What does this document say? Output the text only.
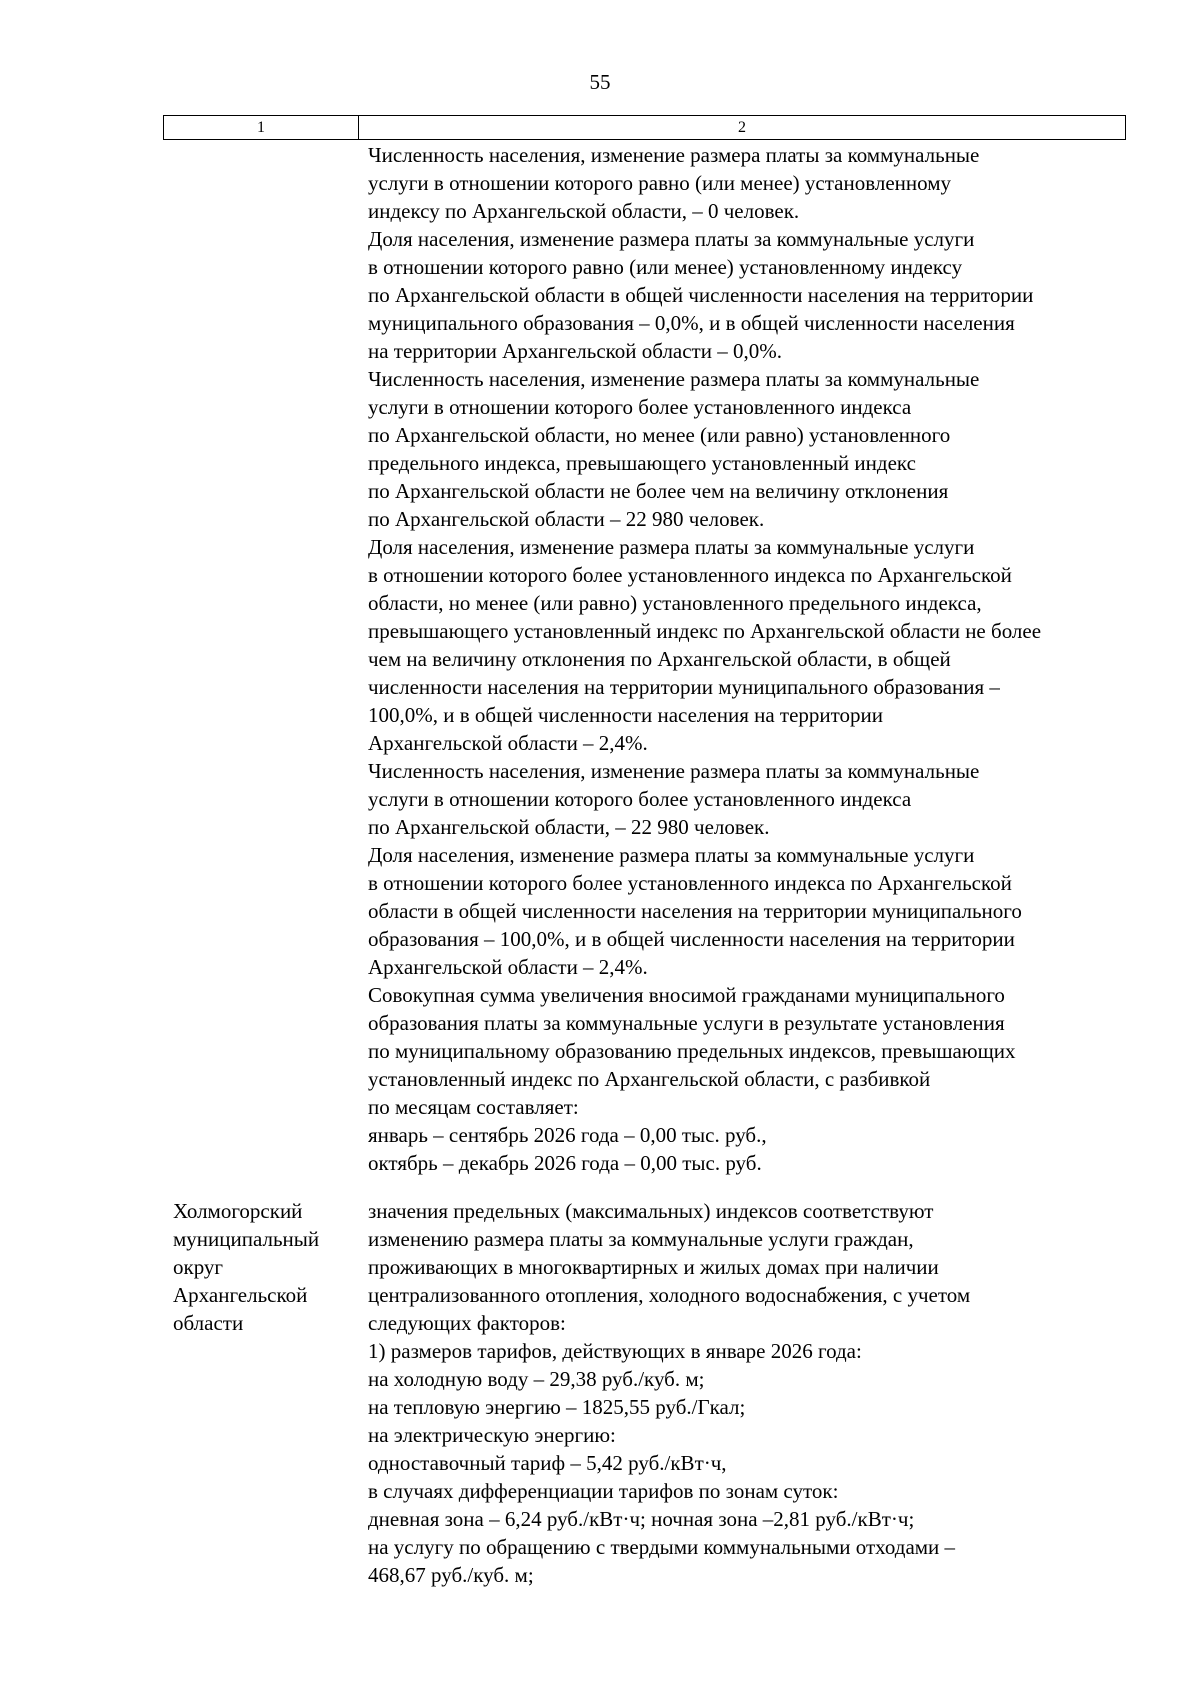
55
1	2
Численность населения, изменение размера платы за коммунальные
услуги в отношении которого равно (или менее) установленному
индексу по Архангельской области, – 0 человек.
Доля населения, изменение размера платы за коммунальные услуги
в отношении которого равно (или менее) установленному индексу
по Архангельской области в общей численности населения на территории
муниципального образования – 0,0%, и в общей численности населения
на территории Архангельской области – 0,0%.
Численность населения, изменение размера платы за коммунальные
услуги в отношении которого более установленного индекса
по Архангельской области, но менее (или равно) установленного
предельного индекса, превышающего установленный индекс
по Архангельской области не более чем на величину отклонения
по Архангельской области – 22 980 человек.
Доля населения, изменение размера платы за коммунальные услуги
в отношении которого более установленного индекса по Архангельской
области, но менее (или равно) установленного предельного индекса,
превышающего установленный индекс по Архангельской области не более
чем на величину отклонения по Архангельской области, в общей
численности населения на территории муниципального образования –
100,0%, и в общей численности населения на территории
Архангельской области – 2,4%.
Численность населения, изменение размера платы за коммунальные
услуги в отношении которого более установленного индекса
по Архангельской области, – 22 980 человек.
Доля населения, изменение размера платы за коммунальные услуги
в отношении которого более установленного индекса по Архангельской
области в общей численности населения на территории муниципального
образования – 100,0%, и в общей численности населения на территории
Архангельской области – 2,4%.
Совокупная сумма увеличения вносимой гражданами муниципального
образования платы за коммунальные услуги в результате установления
по муниципальному образованию предельных индексов, превышающих
установленный индекс по Архангельской области, с разбивкой
по месяцам составляет:
январь – сентябрь 2026 года – 0,00 тыс. руб.,
октябрь – декабрь 2026 года – 0,00 тыс. руб.
Холмогорский
муниципальный
округ
Архангельской
области
значения предельных (максимальных) индексов соответствуют
изменению размера платы за коммунальные услуги граждан,
проживающих в многоквартирных и жилых домах при наличии
централизованного отопления, холодного водоснабжения, с учетом
следующих факторов:
1) размеров тарифов, действующих в январе 2026 года:
на холодную воду – 29,38 руб./куб. м;
на тепловую энергию – 1825,55 руб./Гкал;
на электрическую энергию:
одноставочный тариф – 5,42 руб./кВт·ч,
в случаях дифференциации тарифов по зонам суток:
дневная зона – 6,24 руб./кВт·ч; ночная зона –2,81 руб./кВт·ч;
на услугу по обращению с твердыми коммунальными отходами –
468,67 руб./куб. м;
